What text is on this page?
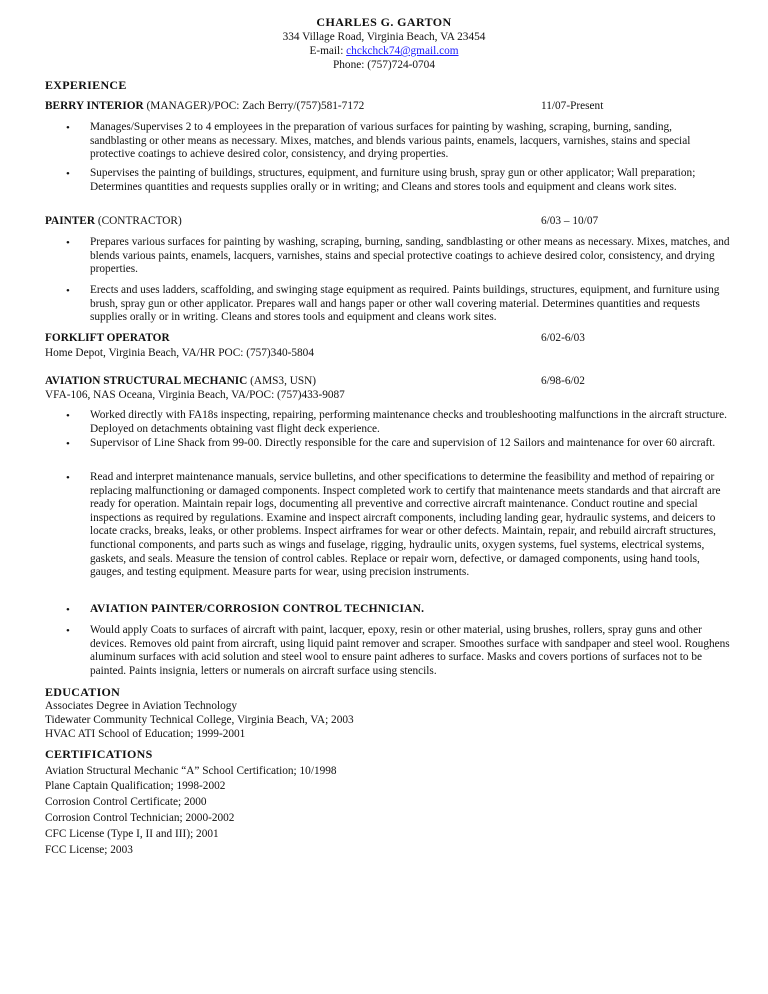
CHARLES G. GARTON
334 Village Road, Virginia Beach, VA 23454
E-mail: chckchck74@gmail.com
Phone: (757)724-0704
EXPERIENCE
BERRY INTERIOR (MANAGER)/POC: Zach Berry/(757)581-7172	11/07-Present
• Manages/Supervises 2 to 4 employees in the preparation of various surfaces for painting by washing, scraping, burning, sanding, sandblasting or other means as necessary. Mixes, matches, and blends various paints, enamels, lacquers, varnishes, stains and special protective coatings to achieve desired color, consistency, and drying properties.
• Supervises the painting of buildings, structures, equipment, and furniture using brush, spray gun or other applicator; Wall preparation; Determines quantities and requests supplies orally or in writing; and Cleans and stores tools and equipment and cleans work sites.
PAINTER (CONTRACTOR)	6/03 – 10/07
• Prepares various surfaces for painting by washing, scraping, burning, sanding, sandblasting or other means as necessary. Mixes, matches, and blends various paints, enamels, lacquers, varnishes, stains and special protective coatings to achieve desired color, consistency, and drying properties.
• Erects and uses ladders, scaffolding, and swinging stage equipment as required. Paints buildings, structures, equipment, and furniture using brush, spray gun or other applicator. Prepares wall and hangs paper or other wall covering material. Determines quantities and requests supplies orally or in writing. Cleans and stores tools and equipment and cleans work sites.
FORKLIFT OPERATOR	6/02-6/03
Home Depot, Virginia Beach, VA/HR POC: (757)340-5804
AVIATION STRUCTURAL MECHANIC (AMS3, USN)	6/98-6/02
VFA-106, NAS Oceana, Virginia Beach, VA/POC: (757)433-9087
• Worked directly with FA18s inspecting, repairing, performing maintenance checks and troubleshooting malfunctions in the aircraft structure. Deployed on detachments obtaining vast flight deck experience.
• Supervisor of Line Shack from 99-00. Directly responsible for the care and supervision of 12 Sailors and maintenance for over 60 aircraft.
• Read and interpret maintenance manuals, service bulletins, and other specifications to determine the feasibility and method of repairing or replacing malfunctioning or damaged components. Inspect completed work to certify that maintenance meets standards and that aircraft are ready for operation. Maintain repair logs, documenting all preventive and corrective aircraft maintenance. Conduct routine and special inspections as required by regulations. Examine and inspect aircraft components, including landing gear, hydraulic systems, and deicers to locate cracks, breaks, leaks, or other problems. Inspect airframes for wear or other defects. Maintain, repair, and rebuild aircraft structures, functional components, and parts such as wings and fuselage, rigging, hydraulic units, oxygen systems, fuel systems, electrical systems, gaskets, and seals. Measure the tension of control cables. Replace or repair worn, defective, or damaged components, using hand tools, gauges, and testing equipment. Measure parts for wear, using precision instruments.
• AVIATION PAINTER/CORROSION CONTROL TECHNICIAN.
• Would apply Coats to surfaces of aircraft with paint, lacquer, epoxy, resin or other material, using brushes, rollers, spray guns and other devices. Removes old paint from aircraft, using liquid paint remover and scraper. Smoothes surface with sandpaper and steel wool. Roughens aluminum surfaces with acid solution and steel wool to ensure paint adheres to surface. Masks and covers portions of surfaces not to be painted. Paints insignia, letters or numerals on aircraft surface using stencils.
EDUCATION
Associates Degree in Aviation Technology
Tidewater Community Technical College, Virginia Beach, VA; 2003
HVAC ATI School of Education; 1999-2001
CERTIFICATIONS
Aviation Structural Mechanic “A” School Certification; 10/1998
Plane Captain Qualification; 1998-2002
Corrosion Control Certificate; 2000
Corrosion Control Technician; 2000-2002
CFC License (Type I, II and III); 2001
FCC License; 2003
